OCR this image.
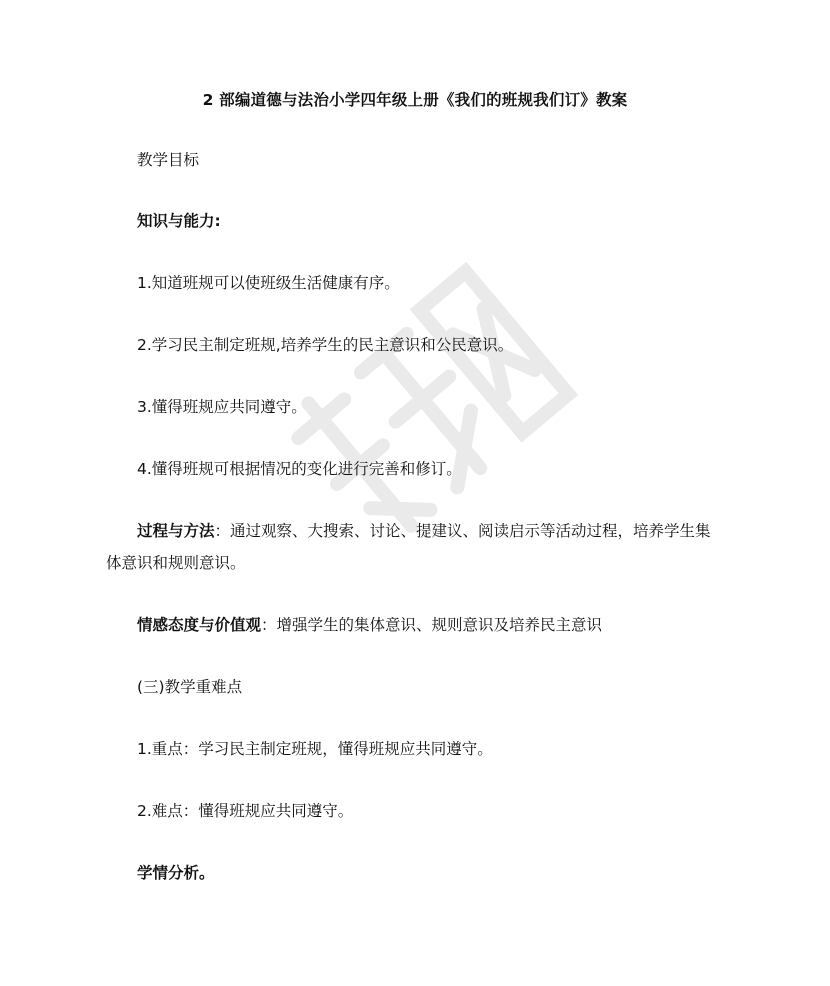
2 部编道德与法治小学四年级上册《我们的班规我们订》教案
教学目标
知识与能力:
1.知道班规可以使班级生活健康有序。
2.学习民主制定班规,培养学生的民主意识和公民意识。
3.懂得班规应共同遵守。
4.懂得班规可根据情况的变化进行完善和修订。
过程与方法：通过观察、大搜索、讨论、提建议、阅读启示等活动过程，培养学生集
体意识和规则意识。
情感态度与价值观：增强学生的集体意识、规则意识及培养民主意识
(三)教学重难点
1.重点：学习民主制定班规，懂得班规应共同遵守。
2.难点：懂得班规应共同遵守。
学情分析。
